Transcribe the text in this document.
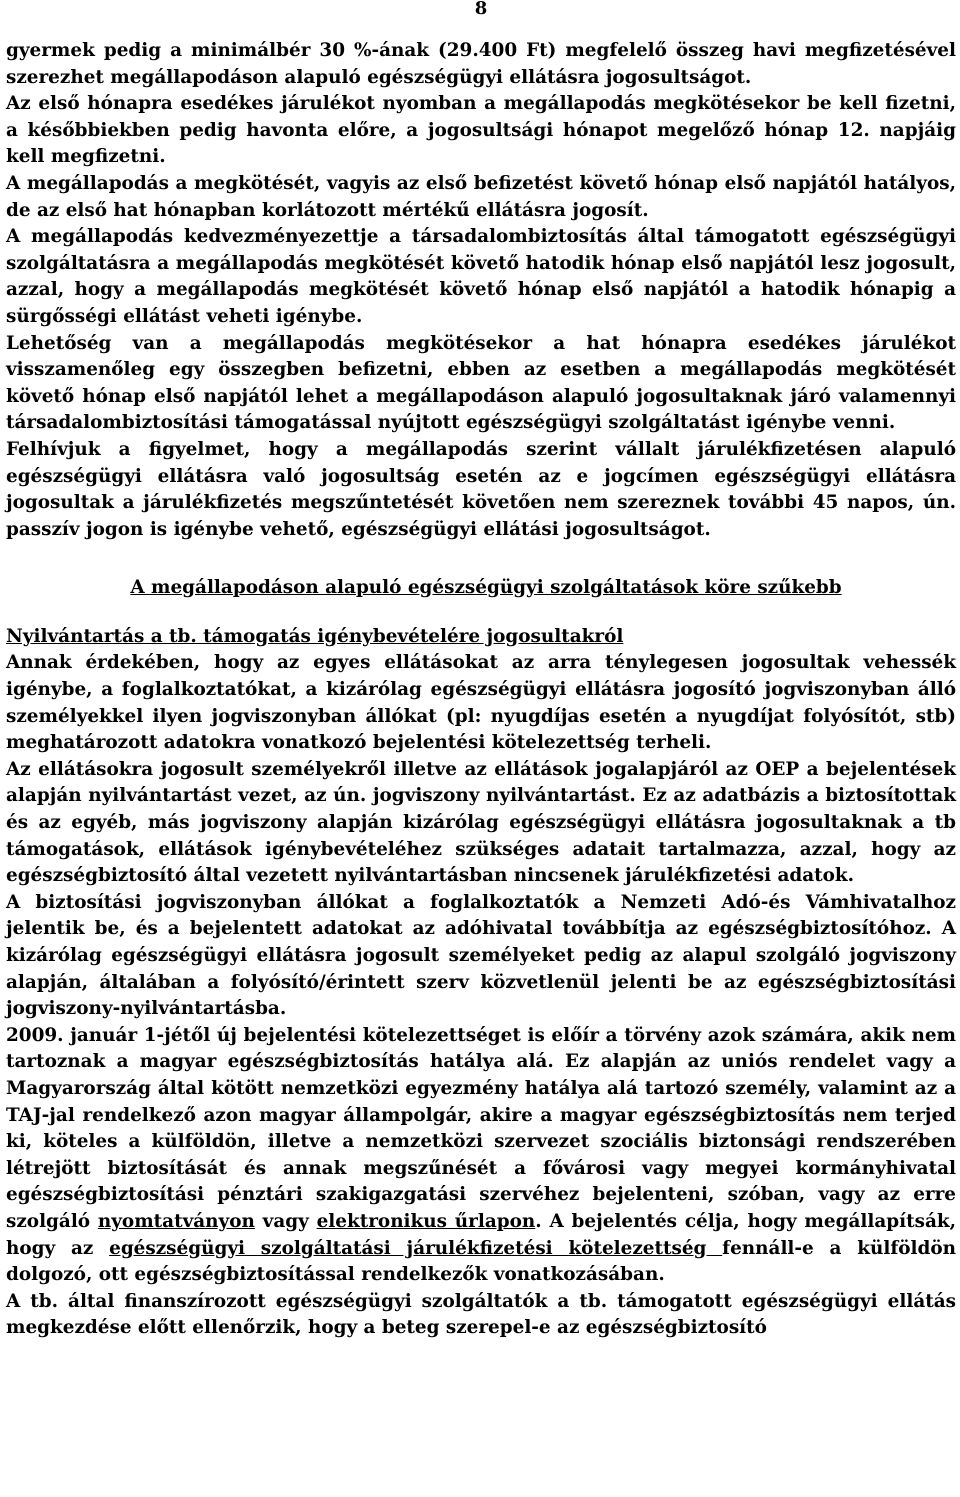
8

gyermek pedig a minimálbér 30 %-ának (29.400 Ft) megfelelő összeg havi megfizetésével szerezhet megállapodáson alapuló egészségügyi ellátásra jogosultságot.

Az első hónapra esedékes járulékot nyomban a megállapodás megkötésekor be kell fizetni, a későbbiekben pedig havonta előre, a jogosultsági hónapot megelőző hónap 12. napjáig kell megfizetni.

A megállapodás a megkötését, vagyis az első befizetést követő hónap első napjától hatályos, de az első hat hónapban korlátozott mértékű ellátásra jogosít.

A megállapodás kedvezményezettje a társadalombiztosítás által támogatott egészségügyi szolgáltatásra a megállapodás megkötését követő hatodik hónap első napjától lesz jogosult, azzal, hogy a megállapodás megkötését követő hónap első napjától a hatodik hónapig a sürgősségi ellátást veheti igénybe.

Lehetőség van a megállapodás megkötésekor a hat hónapra esedékes járulékot visszamenőleg egy összegben befizetni, ebben az esetben a megállapodás megkötését követő hónap első napjától lehet a megállapodáson alapuló jogosultaknak járó valamennyi társadalombiztosítási támogatással nyújtott egészségügyi szolgáltatást igénybe venni.

Felhívjuk a figyelmet, hogy a megállapodás szerint vállalt járulékfizetésen alapuló egészségügyi ellátásra való jogosultság esetén az e jogcímen egészségügyi ellátásra jogosultak a járulékfizetés megszűntetését követően nem szereznek további 45 napos, ún. passzív jogon is igénybe vehető, egészségügyi ellátási jogosultságot.

A megállapodáson alapuló egészségügyi szolgáltatások köre szűkebb

Nyilvántartás a tb. támogatás igénybevételére jogosultakról

Annak érdekében, hogy az egyes ellátásokat az arra ténylegesen jogosultak vehessék igénybe, a foglalkoztatókat, a kizárólag egészségügyi ellátásra jogosító jogviszonyban álló személyekkel ilyen jogviszonyban állókat (pl: nyugdíjas esetén a nyugdíjat folyósítót, stb) meghatározott adatokra vonatkozó bejelentési kötelezettség terheli.

Az ellátásokra jogosult személyekről illetve az ellátások jogalapjáról az OEP a bejelentések alapján nyilvántartást vezet, az ún. jogviszony nyilvántartást. Ez az adatbázis a biztosítottak és az egyéb, más jogviszony alapján kizárólag egészségügyi ellátásra jogosultaknak a tb támogatások, ellátások igénybevételéhez szükséges adatait tartalmazza, azzal, hogy az egészségbiztosító által vezetett nyilvántartásban nincsenek járulékfizetési adatok.

A biztosítási jogviszonyban állókat a foglalkoztatók a Nemzeti Adó-és Vámhivatalhoz jelentik be, és a bejelentett adatokat az adóhivatal továbbítja az egészségbiztosítóhoz. A kizárólag egészségügyi ellátásra jogosult személyeket pedig az alapul szolgáló jogviszony alapján, általában a folyósító/érintett szerv közvetlenül jelenti be az egészségbiztosítási jogviszony-nyilvántartásba.

2009. január 1-jétől új bejelentési kötelezettséget is előír a törvény azok számára, akik nem tartoznak a magyar egészségbiztosítás hatálya alá. Ez alapján az uniós rendelet vagy a Magyarország által kötött nemzetközi egyezmény hatálya alá tartozó személy, valamint az a TAJ-jal rendelkező azon magyar állampolgár, akire a magyar egészségbiztosítás nem terjed ki, köteles a külföldön, illetve a nemzetközi szervezet szociális biztonsági rendszerében létrejött biztosítását és annak megszűnését a fővárosi vagy megyei kormányhivatal egészségbiztosítási pénztári szakigazgatási szervéhez bejelenteni, szóban, vagy az erre szolgáló nyomtatványon vagy elektronikus űrlapon. A bejelentés célja, hogy megállapítsák, hogy az egészségügyi szolgáltatási járulékfizetési kötelezettség fennáll-e a külföldön dolgozó, ott egészségbiztosítással rendelkezők vonatkozásában.

A tb. által finanszírozott egészségügyi szolgáltatók a tb. támogatott egészségügyi ellátás megkezdése előtt ellenőrzik, hogy a beteg szerepel-e az egészségbiztosító
